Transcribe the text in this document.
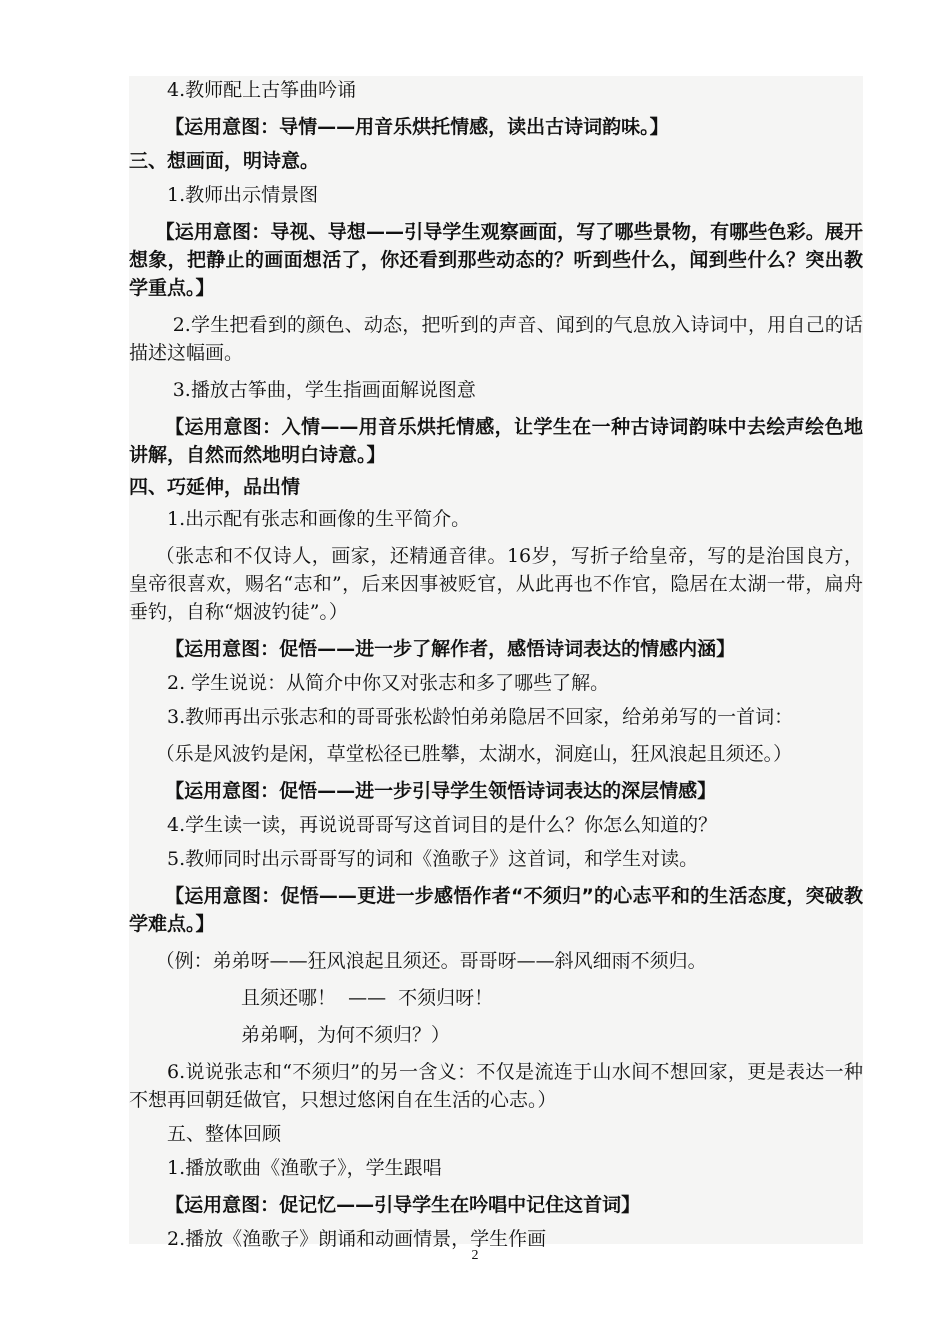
4.教师配上古筝曲吟诵

【运用意图：导情——用音乐烘托情感，读出古诗词韵味。】

三、想画面，明诗意。

1.教师出示情景图

【运用意图：导视、导想——引导学生观察画面，写了哪些景物，有哪些色彩。展开想象，把静止的画面想活了，你还看到那些动态的？听到些什么，闻到些什么？突出教学重点。】

2.学生把看到的颜色、动态，把听到的声音、闻到的气息放入诗词中，用自己的话描述这幅画。

3.播放古筝曲，学生指画面解说图意

【运用意图：入情——用音乐烘托情感，让学生在一种古诗词韵味中去绘声绘色地讲解，自然而然地明白诗意。】

四、巧延伸，品出情

1.出示配有张志和画像的生平简介。

（张志和不仅诗人，画家，还精通音律。16岁，写折子给皇帝，写的是治国良方，皇帝很喜欢，赐名“志和”，后来因事被贬官，从此再也不作官，隐居在太湖一带，扁舟垂钓，自称“烟波钓徒”。）

【运用意图：促悟——进一步了解作者，感悟诗词表达的情感内涵】

2. 学生说说：从简介中你又对张志和多了哪些了解。

3.教师再出示张志和的哥哥张松龄怕弟弟隐居不回家，给弟弟写的一首词：

（乐是风波钓是闲，草堂松径已胜攀，太湖水，洞庭山，狂风浪起且须还。）

【运用意图：促悟——进一步引导学生领悟诗词表达的深层情感】

4.学生读一读，再说说哥哥写这首词目的是什么？你怎么知道的？

5.教师同时出示哥哥写的词和《渔歌子》这首词，和学生对读。

【运用意图：促悟——更进一步感悟作者“不须归”的心志平和的生活态度，突破教学难点。】

（例：弟弟呀——狂风浪起且须还。哥哥呀——斜风细雨不须归。

且须还哪！  ——  不须归呀！

弟弟啊，为何不须归？）

6.说说张志和“不须归”的另一含义：不仅是流连于山水间不想回家，更是表达一种不想再回朝廷做官，只想过悠闲自在生活的心志。）

五、整体回顾

1.播放歌曲《渔歌子》，学生跟唱

【运用意图：促记忆——引导学生在吟唱中记住这首词】

2.播放《渔歌子》朗诵和动画情景，学生作画

2
